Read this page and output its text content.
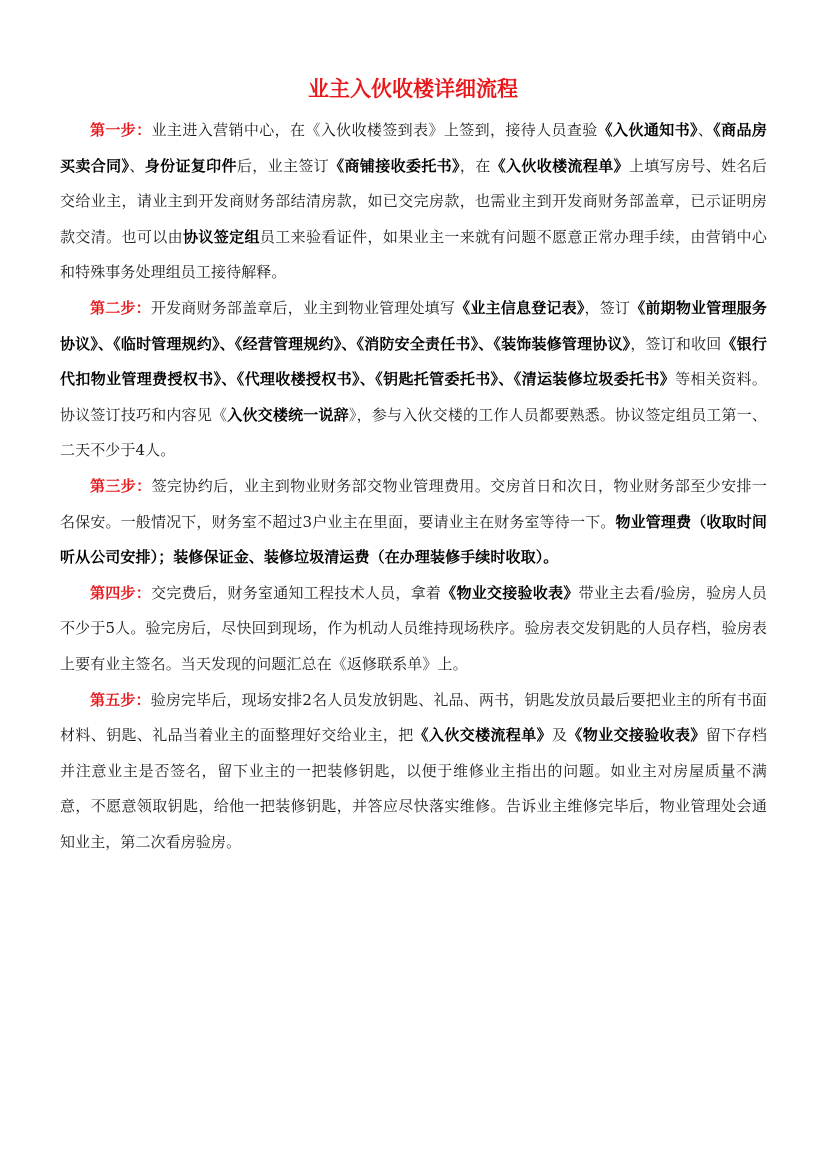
业主入伙收楼详细流程

第一步：业主进入营销中心，在《入伙收楼签到表》上签到，接待人员查验《入伙通知书》、《商品房买卖合同》、身份证复印件后，业主签订《商铺接收委托书》，在《入伙收楼流程单》上填写房号、姓名后交给业主，请业主到开发商财务部结清房款，如已交完房款，也需业主到开发商财务部盖章，已示证明房款交清。也可以由协议签定组员工来验看证件，如果业主一来就有问题不愿意正常办理手续，由营销中心和特殊事务处理组员工接待解释。

第二步：开发商财务部盖章后，业主到物业管理处填写《业主信息登记表》，签订《前期物业管理服务协议》、《临时管理规约》、《经营管理规约》、《消防安全责任书》、《装饰装修管理协议》，签订和收回《银行代扣物业管理费授权书》、《代理收楼授权书》、《钥匙托管委托书》、《清运装修垃圾委托书》等相关资料。协议签订技巧和内容见《入伙交楼统一说辞》，参与入伙交楼的工作人员都要熟悉。协议签定组员工第一、二天不少于4人。

第三步：签完协约后，业主到物业财务部交物业管理费用。交房首日和次日，物业财务部至少安排一名保安。一般情况下，财务室不超过3户业主在里面，要请业主在财务室等待一下。物业管理费（收取时间听从公司安排）；装修保证金、装修垃圾清运费（在办理装修手续时收取）。

第四步：交完费后，财务室通知工程技术人员，拿着《物业交接验收表》带业主去看/验房，验房人员不少于5人。验完房后，尽快回到现场，作为机动人员维持现场秩序。验房表交发钥匙的人员存档，验房表上要有业主签名。当天发现的问题汇总在《返修联系单》上。

第五步：验房完毕后，现场安排2名人员发放钥匙、礼品、两书，钥匙发放员最后要把业主的所有书面材料、钥匙、礼品当着业主的面整理好交给业主，把《入伙交楼流程单》及《物业交接验收表》留下存档并注意业主是否签名，留下业主的一把装修钥匙，以便于维修业主指出的问题。如业主对房屋质量不满意，不愿意领取钥匙，给他一把装修钥匙，并答应尽快落实维修。告诉业主维修完毕后，物业管理处会通知业主，第二次看房验房。
